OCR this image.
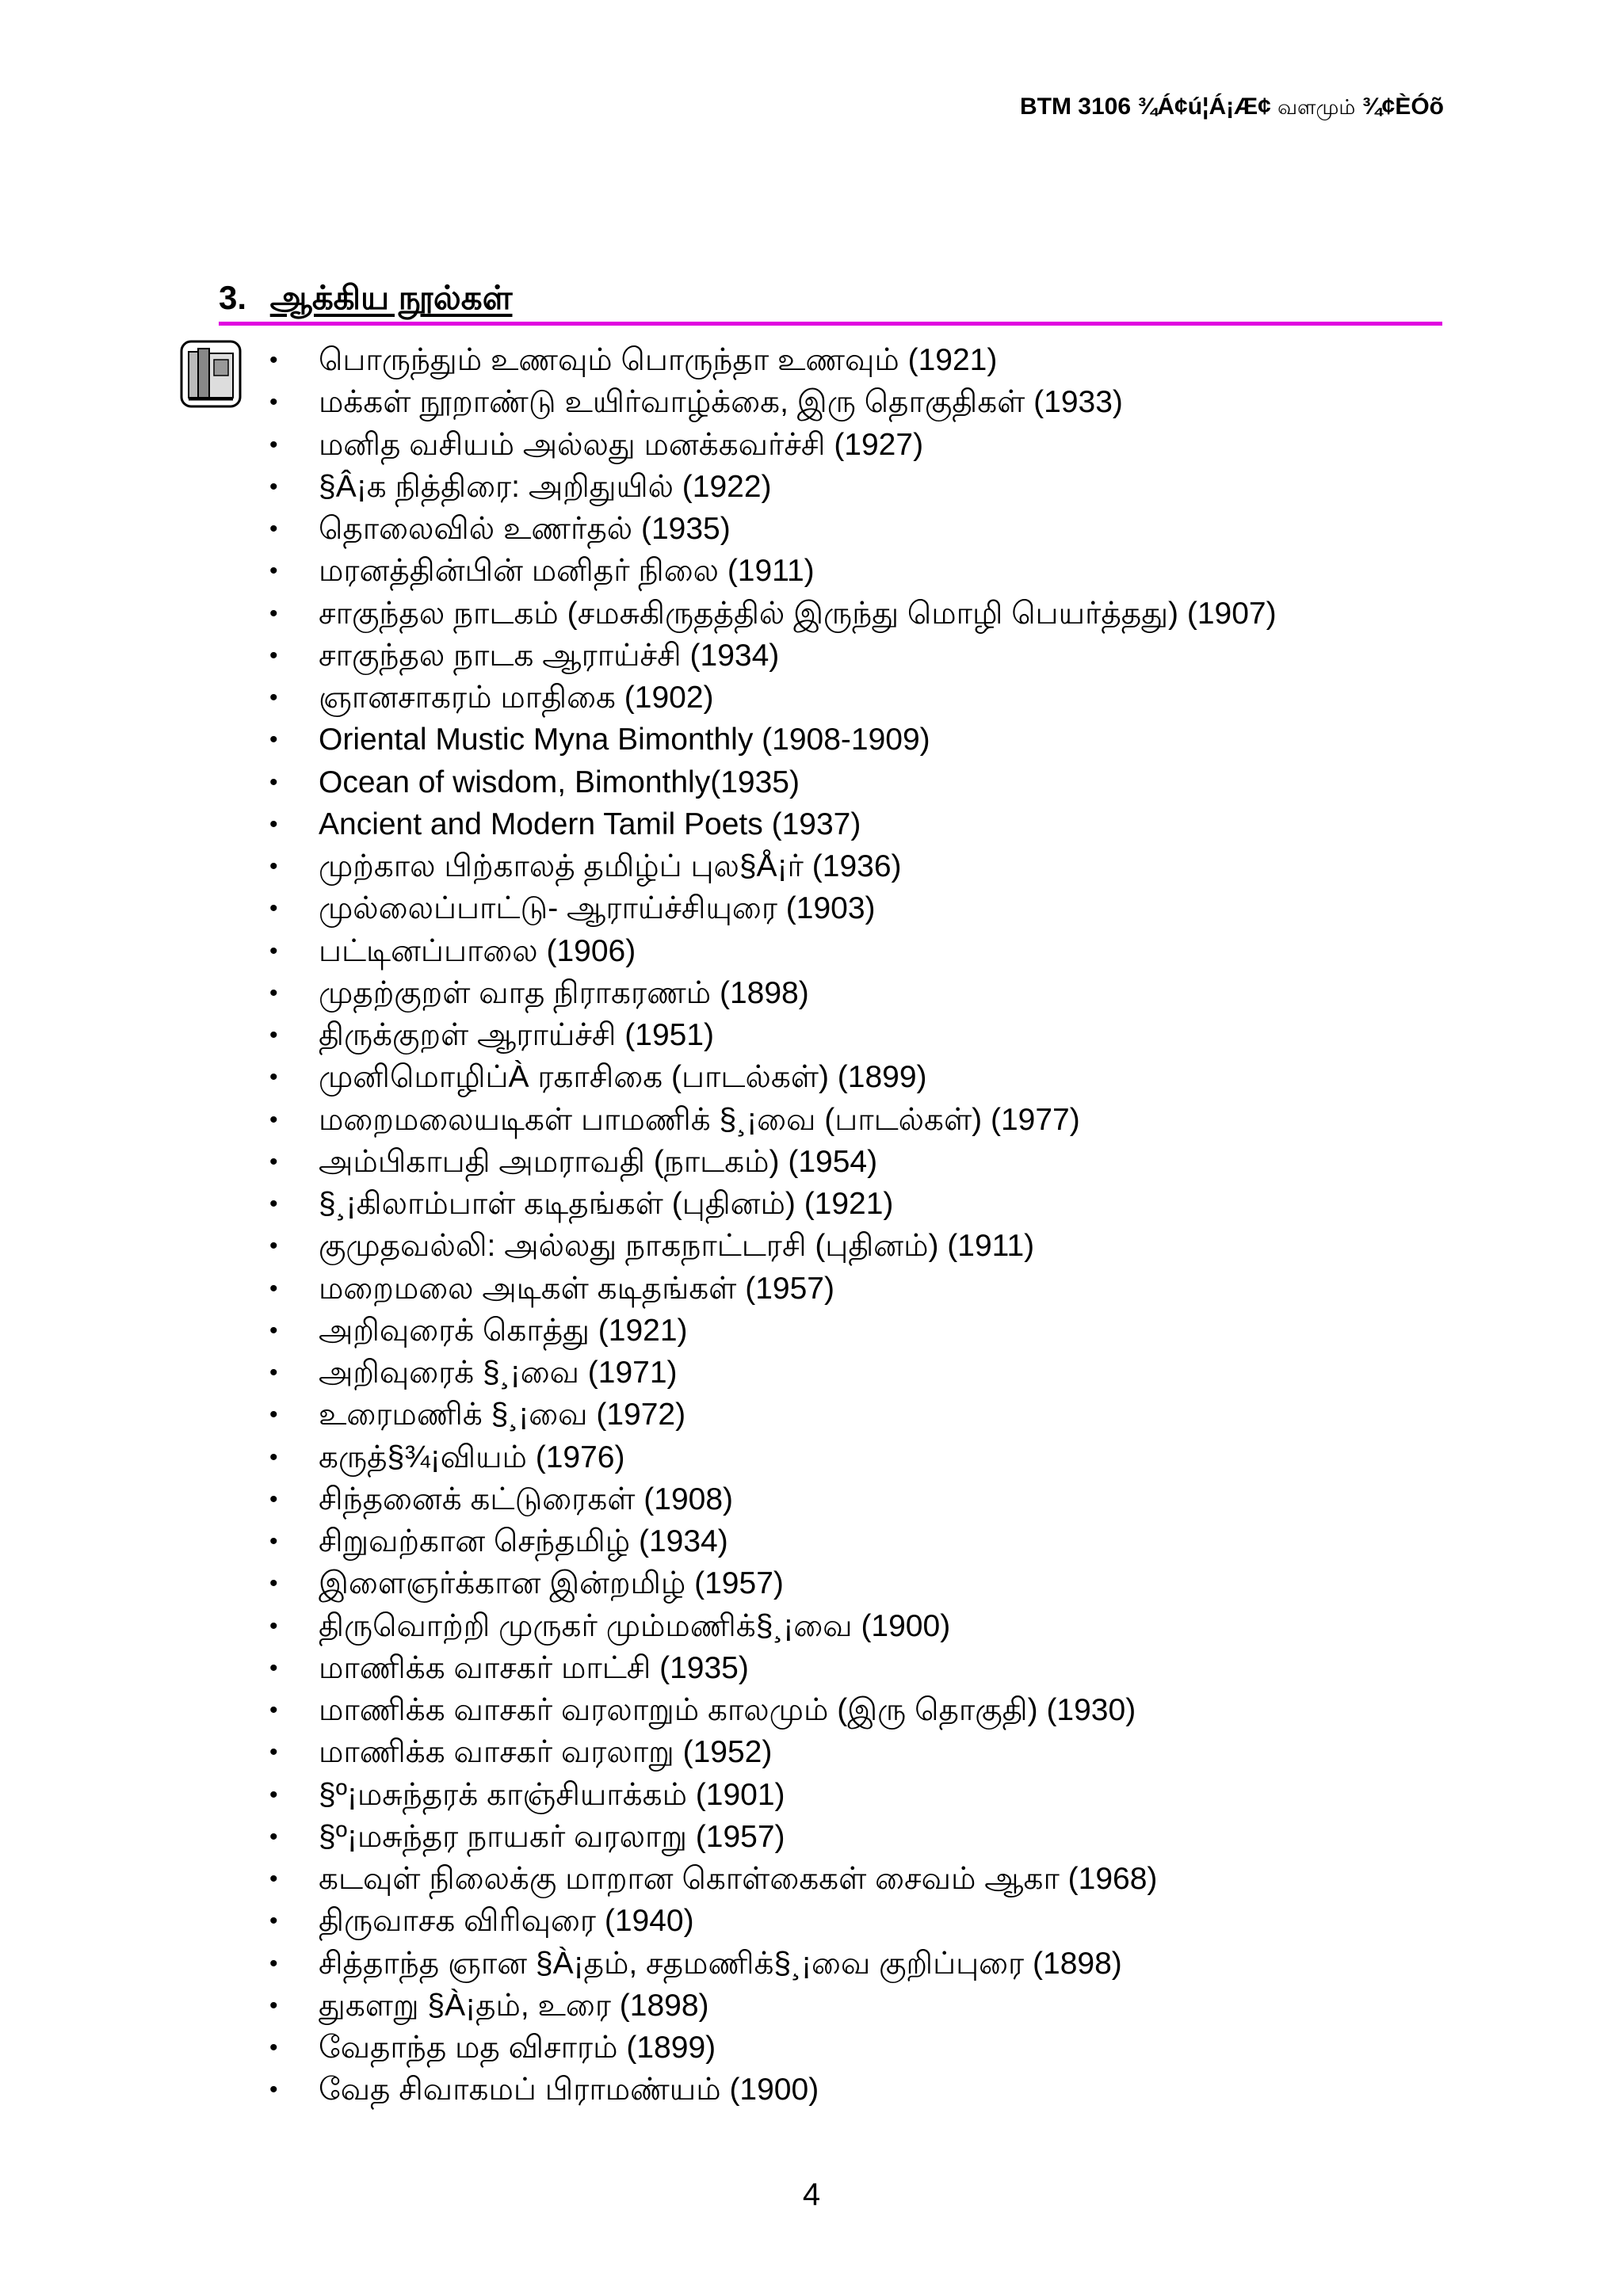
BTM 3106 ¾Á¢ú¦Á¡Æ¢ வளமும் ¾¢ÈÓõ
3. ஆக்கிய நூல்கள்
• பொருந்தும் உணவும் பொருந்தா உணவும் (1921)
• மக்கள் நூறாண்டு உயிர்வாழ்க்கை, இரு தொகுதிகள் (1933)
• மனித வசியம் அல்லது மனக்கவர்ச்சி (1927)
• §Â¡க நித்திரை: அறிதுயில் (1922)
• தொலைவில் உணர்தல் (1935)
• மரனத்தின்பின் மனிதர் நிலை (1911)
• சாகுந்தல நாடகம் (சமசுகிருதத்தில் இருந்து மொழி பெயர்த்தது) (1907)
• சாகுந்தல நாடக ஆராய்ச்சி (1934)
• ஞானசாகரம் மாதிகை (1902)
• Oriental Mustic Myna Bimonthly (1908-1909)
• Ocean of wisdom, Bimonthly(1935)
• Ancient and Modern Tamil Poets (1937)
• முற்கால பிற்காலத் தமிழ்ப் புல§Å¡ர் (1936)
• முல்லைப்பாட்டு- ஆராய்ச்சியுரை (1903)
• பட்டினப்பாலை (1906)
• முதற்குறள் வாத நிராகரணம் (1898)
• திருக்குறள் ஆராய்ச்சி (1951)
• முனிமொழிப்À ரகாசிகை (பாடல்கள்) (1899)
• மறைமலையடிகள் பாமணிக் §¸¡வை (பாடல்கள்) (1977)
• அம்பிகாபதி அமராவதி (நாடகம்) (1954)
• §¸¡கிலாம்பாள் கடிதங்கள் (புதினம்) (1921)
• குமுதவல்லி: அல்லது நாகநாட்டரசி (புதினம்) (1911)
• மறைமலை அடிகள் கடிதங்கள் (1957)
• அறிவுரைக் கொத்து (1921)
• அறிவுரைக் §¸¡வை (1971)
• உரைமணிக் §¸¡வை (1972)
• கருத்§¾¡வியம் (1976)
• சிந்தனைக் கட்டுரைகள் (1908)
• சிறுவற்கான செந்தமிழ் (1934)
• இளைஞர்க்கான இன்றமிழ் (1957)
• திருவொற்றி முருகர் மும்மணிக்§¸¡வை (1900)
• மாணிக்க வாசகர் மாட்சி (1935)
• மாணிக்க வாசகர் வரலாறும் காலமும் (இரு தொகுதி) (1930)
• மாணிக்க வாசகர் வரலாறு (1952)
• §º¡மசுந்தரக் காஞ்சியாக்கம் (1901)
• §º¡மசுந்தர நாயகர் வரலாறு (1957)
• கடவுள் நிலைக்கு மாறான கொள்கைகள் சைவம் ஆகா (1968)
• திருவாசக விரிவுரை (1940)
• சித்தாந்த ஞான §À¡தம், சதமணிக்§¸¡வை குறிப்புரை (1898)
• துகளறு §À¡தம், உரை (1898)
• வேதாந்த மத விசாரம் (1899)
• வேத சிவாகமப் பிராமண்யம் (1900)
4
